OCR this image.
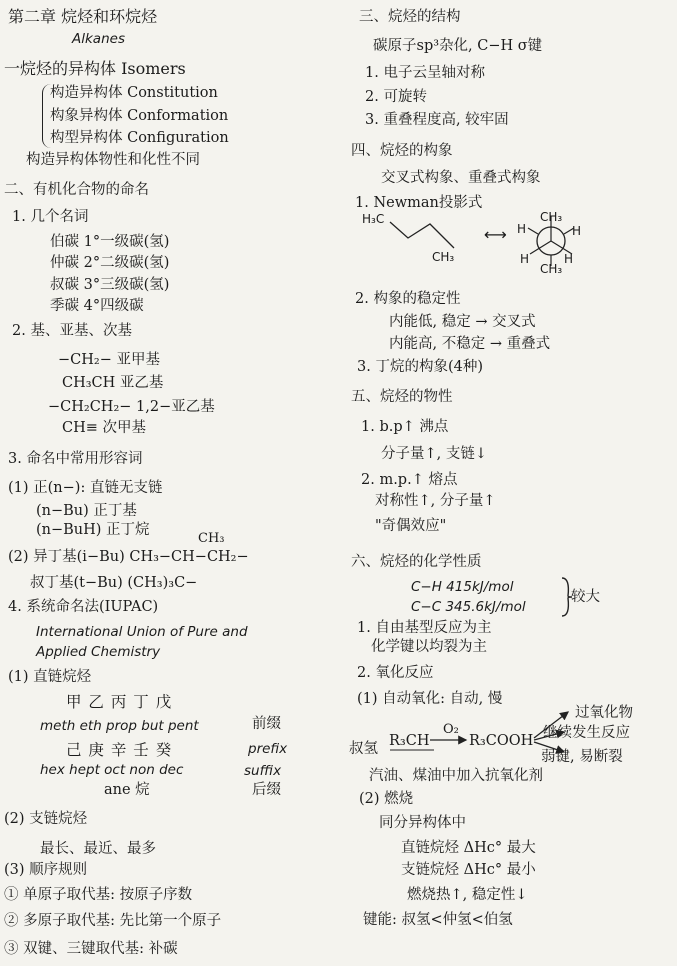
第二章 烷烃和环烷烃
Alkanes
一烷烃的异构体 Isomers
构造异构体 Constitution
构象异构体 Conformation
构型异构体 Configuration
构造异构体物性和化性不同
二、有机化合物的命名
1. 几个名词
伯碳 1°一级碳(氢)
仲碳 2°二级碳(氢)
叔碳 3°三级碳(氢)
季碳 4°四级碳
2. 基、亚基、次基
−CH₂− 亚甲基
CH₃CH 亚乙基
−CH₂CH₂− 1,2−亚乙基
CH≡ 次甲基
3. 命名中常用形容词
(1) 正(n−): 直链无支链
(n−Bu) 正丁基
(n−BuH) 正丁烷
CH₃
(2) 异丁基(i−Bu) CH₃−CH−CH₂−
叔丁基(t−Bu) (CH₃)₃C−
4. 系统命名法(IUPAC)
International Union of Pure and
Applied Chemistry
(1) 直链烷烃
甲 乙 丙 丁 戊
meth eth prop but pent	前缀
己 庚 辛 壬 癸	prefix
hex hept oct non dec	suffix
ane 烷	后缀
(2) 支链烷烃
最长、最近、最多
(3) 顺序规则
① 单原子取代基: 按原子序数
② 多原子取代基: 先比第一个原子
③ 双键、三键取代基: 补碳
三、烷烃的结构
碳原子sp³杂化, C−H σ键
1. 电子云呈轴对称
2. 可旋转
3. 重叠程度高, 较牢固
四、烷烃的构象
交叉式构象、重叠式构象
1. Newman投影式
2. 构象的稳定性
内能低, 稳定 → 交叉式
内能高, 不稳定 → 重叠式
3. 丁烷的构象(4种)
五、烷烃的物性
1. b.p↑ 沸点
分子量↑, 支链↓
2. m.p.↑ 熔点
对称性↑, 分子量↑
"奇偶效应"
六、烷烃的化学性质
C−H 415kJ/mol
C−C 345.6kJ/mol
较大
1. 自由基型反应为主
化学键以均裂为主
2. 氧化反应
(1) 自动氧化: 自动, 慢
过氧化物
叔氢 R₃CH
O₂
R₃COOH 继续发生反应
弱键, 易断裂
汽油、煤油中加入抗氧化剂
(2) 燃烧
同分异构体中
直链烷烃 ΔHc° 最大
支链烷烃 ΔHc° 最小
燃烧热↑, 稳定性↓
键能: 叔氢<仲氢<伯氢
H₃C
CH₃
⟷
CH₃
H	H
H	H
CH₃
